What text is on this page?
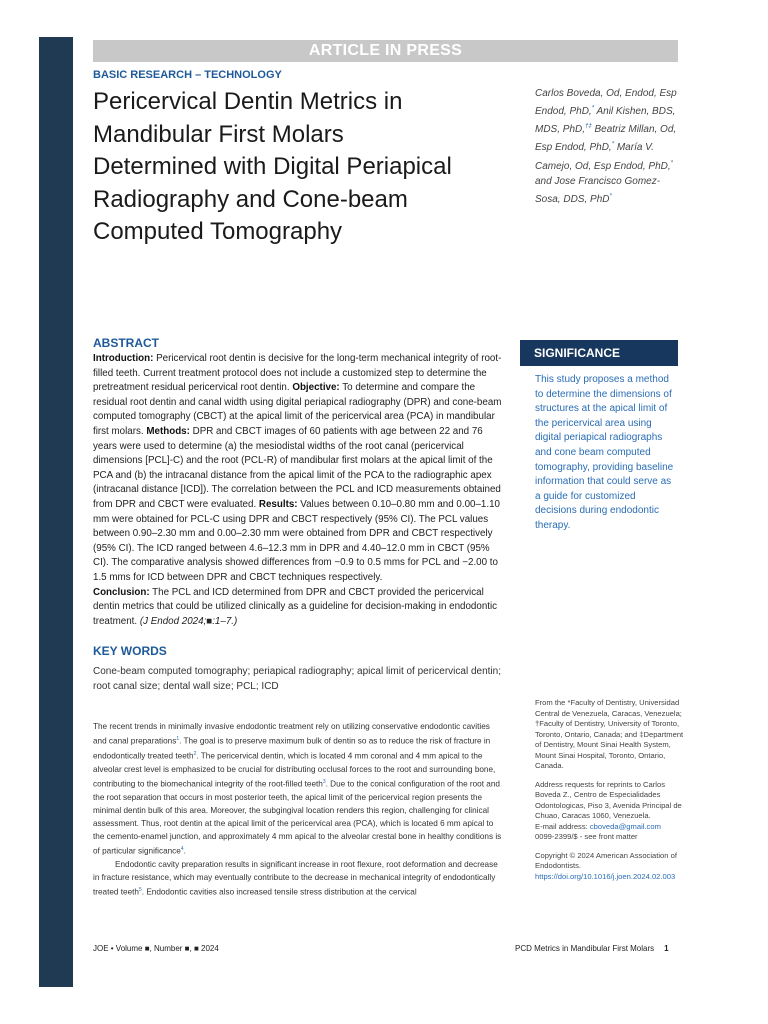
ARTICLE IN PRESS
BASIC RESEARCH – TECHNOLOGY
Pericervical Dentin Metrics in Mandibular First Molars Determined with Digital Periapical Radiography and Cone-beam Computed Tomography
Carlos Boveda, Od, Endod, Esp Endod, PhD,* Anil Kishen, BDS, MDS, PhD,†‡ Beatriz Millan, Od, Esp Endod, PhD,* María V. Camejo, Od, Esp Endod, PhD,* and Jose Francisco Gomez-Sosa, DDS, PhD*
ABSTRACT

Introduction: Pericervical root dentin is decisive for the long-term mechanical integrity of root-filled teeth. Current treatment protocol does not include a customized step to determine the pretreatment residual pericervical root dentin. Objective: To determine and compare the residual root dentin and canal width using digital periapical radiography (DPR) and cone-beam computed tomography (CBCT) at the apical limit of the pericervical area (PCA) in mandibular first molars. Methods: DPR and CBCT images of 60 patients with age between 22 and 76 years were used to determine (a) the mesiodistal widths of the root canal (pericervical dimensions [PCL]-C) and the root (PCL-R) of mandibular first molars at the apical limit of the PCA and (b) the intracanal distance from the apical limit of the PCA to the radiographic apex (intracanal distance [ICD]). The correlation between the PCL and ICD measurements obtained from DPR and CBCT were evaluated. Results: Values between 0.10–0.80 mm and 0.00–1.10 mm were obtained for PCL-C using DPR and CBCT respectively (95% CI). The PCL values between 0.90–2.30 mm and 0.00–2.30 mm were obtained from DPR and CBCT respectively (95% CI). The ICD ranged between 4.6–12.3 mm in DPR and 4.40–12.0 mm in CBCT (95% CI). The comparative analysis showed differences from −0.9 to 0.5 mms for PCL and −2.00 to 1.5 mms for ICD between DPR and CBCT techniques respectively.
Conclusion: The PCL and ICD determined from DPR and CBCT provided the pericervical dentin metrics that could be utilized clinically as a guideline for decision-making in endodontic treatment. (J Endod 2024;■:1–7.)

SIGNIFICANCE

This study proposes a method to determine the dimensions of structures at the apical limit of the pericervical area using digital periapical radiographs and cone beam computed tomography, providing baseline information that could serve as a guide for customized decisions during endodontic therapy.

KEY WORDS

Cone-beam computed tomography; periapical radiography; apical limit of pericervical dentin; root canal size; dental wall size; PCL; ICD

The recent trends in minimally invasive endodontic treatment rely on utilizing conservative endodontic cavities and canal preparations$^1$. The goal is to preserve maximum bulk of dentin so as to reduce the risk of fracture in endodontically treated teeth$^2$. The pericervical dentin, which is located 4 mm coronal and 4 mm apical to the alveolar crest level is emphasized to be crucial for distributing occlusal forces to the root and surrounding bone, contributing to the biomechanical integrity of the root-filled teeth$^3$. Due to the conical configuration of the root and the root separation that occurs in most posterior teeth, the apical limit of the pericervical region presents the minimal dentin bulk of this area. Moreover, the subgingival location renders this region, challenging for clinical assessment. Thus, root dentin at the apical limit of the pericervical area (PCA), which is located 6 mm apical to the cemento-enamel junction, and approximately 4 mm apical to the alveolar crestal bone in healthy conditions is of particular significance$^4$.

Endodontic cavity preparation results in significant increase in root flexure, root deformation and decrease in fracture resistance, which may eventually contribute to the decrease in mechanical integrity of endodontically treated teeth$^5$. Endodontic cavities also increased tensile stress distribution at the cervical

From the *Faculty of Dentistry, Universidad Central de Venezuela, Caracas, Venezuela; †Faculty of Dentistry, University of Toronto, Toronto, Ontario, Canada; and ‡Department of Dentistry, Mount Sinai Health System, Mount Sinai Hospital, Toronto, Ontario, Canada.

Address requests for reprints to Carlos Boveda Z., Centro de Especialidades Odontologicas, Piso 3, Avenida Principal de Chuao, Caracas 1060, Venezuela.
E-mail address: cboveda@gmail.com
0099-2399/$ - see front matter

Copyright © 2024 American Association of Endodontists.
https://doi.org/10.1016/j.joen.2024.02.003

JOE • Volume ■, Number ■, ■ 2024	PCD Metrics in Mandibular First Molars 1
